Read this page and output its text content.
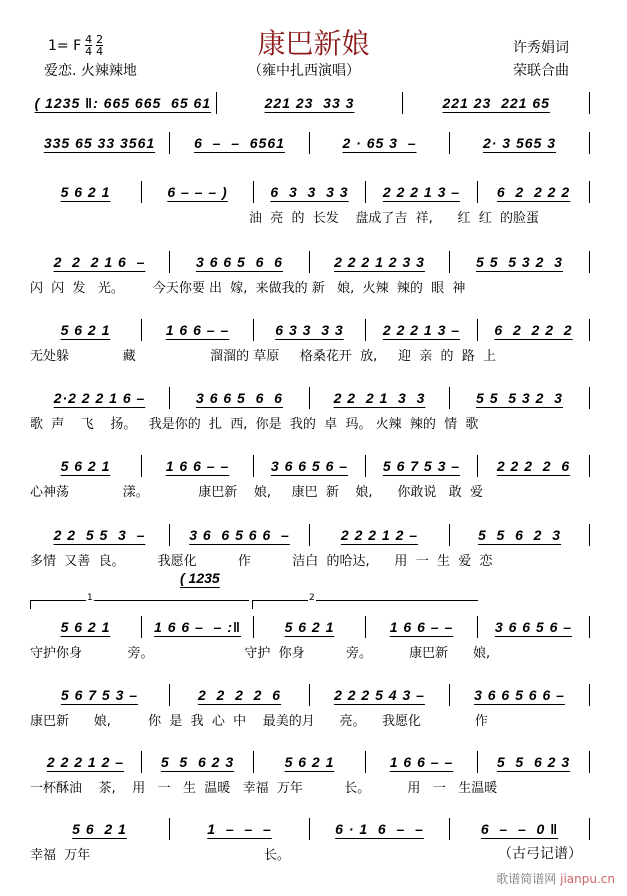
康巴新娘
1= F $\frac{4}{4} \frac{2}{4}$
爱恋. 火辣辣地	（雍中扎西演唱）
许秀娟词
荣联合曲
( 1235 ‖: 665 665  65 61	221 23  33 3	221 23  221 65
335 65 33 3561	6  –  –  6561	2 · 65 3  –	2· 3 565 3
5 6 2 1	6 – – – )	6  3  3  3 3	2 2 2 1 3 –	6  2  2 2 2
油  亮  的  长发    盘成了吉  祥,      红  红  的脸蛋
2  2  2 1 6  –	3 6 6 5  6  6	2 2 2 1 2 3 3	5 5  5 3 2  3
闪  闪  发   光。       今天你要 出  嫁,  来做我的 新   娘,  火辣  辣的  眼  神
5 6 2 1	1 6 6 – –	6 3 3  3 3	2 2 2 1 3 –	6  2  2 2  2
无处躲             藏                  溜溜的 草原     格桑花开  放,     迎  亲  的  路  上
2·2 2 2 1 6 –	3 6 6 5  6  6	2 2  2 1  3  3	5 5  5 3 2  3
歌  声    飞    扬。   我是你的  扎  西,  你是  我的  卓  玛。 火辣  辣的  情  歌
5 6 2 1	1 6 6 – –	3 6 6 5 6 –	5 6 7 5 3 –	2 2 2  2  6
心神荡             漾。            康巴新    娘,     康巴  新    娘,      你敢说   敢  爱
2 2  5 5  3  –	3 6  6 5 6 6  –	2 2 2 1 2 –	5  5  6  2  3
多情  又善  良。        我愿化          作          洁白  的哈达,      用  一  生  爱  恋
5 6 2 1	1 6 6 –  – :‖	5 6 2 1	1 6 6 – –	3 6 6 5 6 –
守护你身           旁。                      守护  你身          旁。         康巴新      娘,
( 1235
1	2
5 6 7 5 3 –	2  2  2  2  6	2 2 2 5 4 3 –	3 6 6 5 6 6 –
康巴新      娘,         你  是  我  心  中    最美的月      亮。    我愿化             作
2 2 2 1 2 –	5  5  6 2 3	5 6 2 1	1 6 6 – –	5  5  6 2 3
一杯酥油    茶,    用   一   生  温暖   幸福  万年          长。         用   一   生温暖
5 6  2 1	1  –  –  –	6 · 1  6  –  –	6  –  –  0 ‖
幸福  万年                                          长。	（古弓记谱）
歌谱简谱网 jianpu.cn
